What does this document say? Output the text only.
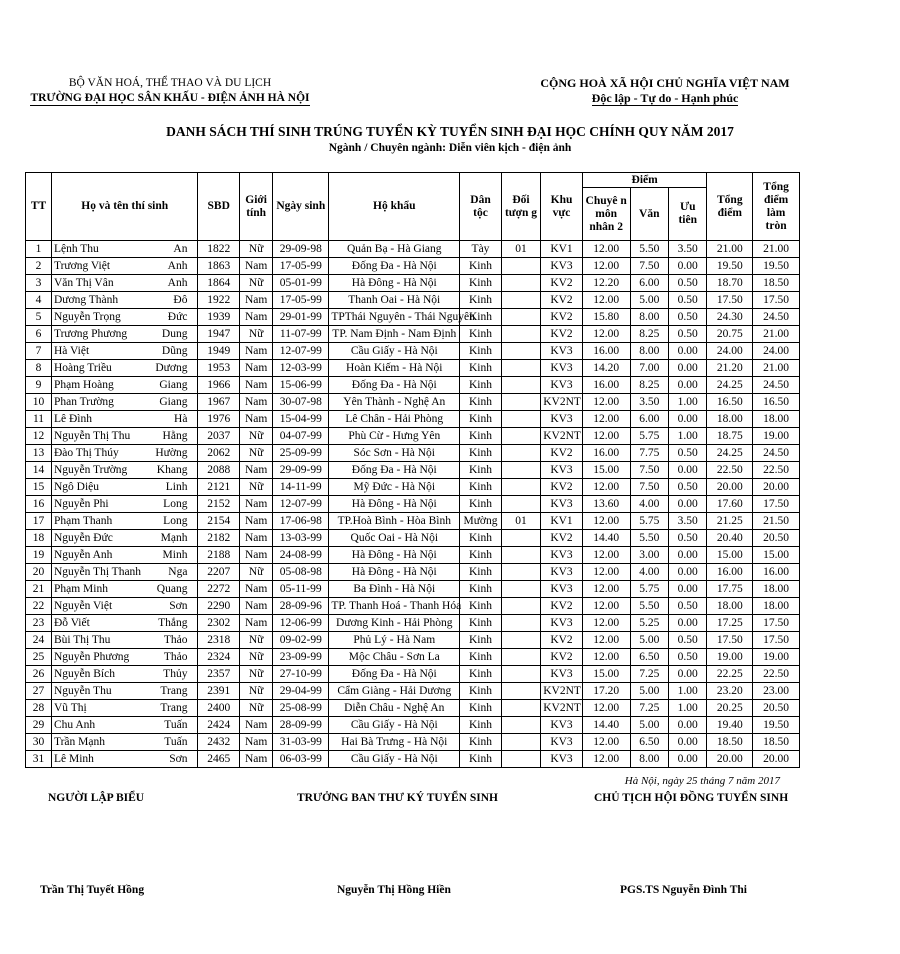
BỘ VĂN HOÁ, THỂ THAO VÀ DU LỊCH
TRƯỜNG ĐẠI HỌC SÂN KHẤU - ĐIỆN ẢNH HÀ NỘI
CỘNG HOÀ XÃ HỘI CHỦ NGHĨA VIỆT NAM
Độc lập - Tự do - Hạnh phúc
DANH SÁCH THÍ SINH TRÚNG TUYỂN KỲ TUYỂN SINH ĐẠI HỌC CHÍNH QUY NĂM 2017
Ngành / Chuyên ngành: Diễn viên kịch - điện ảnh
TT	Họ và tên thí sinh	SBD	Giới tính	Ngày sinh	Hộ khẩu	Dân tộc	Đối tượn g	Khu vực	Điểm			Tổng điểm	Tổng điểm làm tròn
									Chuyê n môn nhân 2	Văn	Ưu tiên		
1	Lệnh Thu An	1822	Nữ	29-09-98	Quản Bạ - Hà Giang	Tày	01	KV1	12.00	5.50	3.50	21.00	21.00
2	Trương Việt Anh	1863	Nam	17-05-99	Đống Đa - Hà Nội	Kinh		KV3	12.00	7.50	0.00	19.50	19.50
3	Văn Thị Vân Anh	1864	Nữ	05-01-99	Hà Đông - Hà Nội	Kinh		KV2	12.20	6.00	0.50	18.70	18.50
4	Dương Thành Đô	1922	Nam	17-05-99	Thanh Oai - Hà Nội	Kinh		KV2	12.00	5.00	0.50	17.50	17.50
5	Nguyễn Trọng Đức	1939	Nam	29-01-99	TPThái Nguyên - Thái Nguyên	Kinh		KV2	15.80	8.00	0.50	24.30	24.50
6	Trương Phương Dung	1947	Nữ	11-07-99	TP. Nam Định - Nam Định	Kinh		KV2	12.00	8.25	0.50	20.75	21.00
7	Hà Việt Dũng	1949	Nam	12-07-99	Cầu Giấy - Hà Nội	Kinh		KV3	16.00	8.00	0.00	24.00	24.00
8	Hoàng Triều Dương	1953	Nam	12-03-99	Hoàn Kiếm - Hà Nội	Kinh		KV3	14.20	7.00	0.00	21.20	21.00
9	Phạm Hoàng Giang	1966	Nam	15-06-99	Đống Đa - Hà Nội	Kinh		KV3	16.00	8.25	0.00	24.25	24.50
10	Phan Trường Giang	1967	Nam	30-07-98	Yên Thành - Nghệ An	Kinh		KV2NT	12.00	3.50	1.00	16.50	16.50
11	Lê Đình Hà	1976	Nam	15-04-99	Lê Chân - Hải Phòng	Kinh		KV3	12.00	6.00	0.00	18.00	18.00
12	Nguyễn Thị Thu Hằng	2037	Nữ	04-07-99	Phù Cừ - Hưng Yên	Kinh		KV2NT	12.00	5.75	1.00	18.75	19.00
13	Đào Thị Thúy Hường	2062	Nữ	25-09-99	Sóc Sơn - Hà Nội	Kinh		KV2	16.00	7.75	0.50	24.25	24.50
14	Nguyễn Trường Khang	2088	Nam	29-09-99	Đống Đa - Hà Nội	Kinh		KV3	15.00	7.50	0.00	22.50	22.50
15	Ngô Diệu Linh	2121	Nữ	14-11-99	Mỹ Đức - Hà Nội	Kinh		KV2	12.00	7.50	0.50	20.00	20.00
16	Nguyễn Phi Long	2152	Nam	12-07-99	Hà Đông - Hà Nội	Kinh		KV3	13.60	4.00	0.00	17.60	17.50
17	Phạm Thanh Long	2154	Nam	17-06-98	TP.Hoà Bình - Hòa Bình	Mường	01	KV1	12.00	5.75	3.50	21.25	21.50
18	Nguyễn Đức Mạnh	2182	Nam	13-03-99	Quốc Oai - Hà Nội	Kinh		KV2	14.40	5.50	0.50	20.40	20.50
19	Nguyễn Anh Minh	2188	Nam	24-08-99	Hà Đông - Hà Nội	Kinh		KV3	12.00	3.00	0.00	15.00	15.00
20	Nguyễn Thị Thanh Nga	2207	Nữ	05-08-98	Hà Đông - Hà Nội	Kinh		KV3	12.00	4.00	0.00	16.00	16.00
21	Phạm Minh Quang	2272	Nam	05-11-99	Ba Đình - Hà Nội	Kinh		KV3	12.00	5.75	0.00	17.75	18.00
22	Nguyễn Việt Sơn	2290	Nam	28-09-96	TP. Thanh Hoá - Thanh Hóa	Kinh		KV2	12.00	5.50	0.50	18.00	18.00
23	Đỗ Viết Thắng	2302	Nam	12-06-99	Dương Kinh - Hải Phòng	Kinh		KV3	12.00	5.25	0.00	17.25	17.50
24	Bùi Thị Thu Thảo	2318	Nữ	09-02-99	Phủ Lý - Hà Nam	Kinh		KV2	12.00	5.00	0.50	17.50	17.50
25	Nguyễn Phương Thảo	2324	Nữ	23-09-99	Mộc Châu - Sơn La	Kinh		KV2	12.00	6.50	0.50	19.00	19.00
26	Nguyễn Bích Thủy	2357	Nữ	27-10-99	Đống Đa - Hà Nội	Kinh		KV3	15.00	7.25	0.00	22.25	22.50
27	Nguyễn Thu Trang	2391	Nữ	29-04-99	Cẩm Giàng - Hải Dương	Kinh		KV2NT	17.20	5.00	1.00	23.20	23.00
28	Vũ Thị Trang	2400	Nữ	25-08-99	Diễn Châu - Nghệ An	Kinh		KV2NT	12.00	7.25	1.00	20.25	20.50
29	Chu Anh Tuấn	2424	Nam	28-09-99	Cầu Giấy - Hà Nội	Kinh		KV3	14.40	5.00	0.00	19.40	19.50
30	Trần Mạnh Tuấn	2432	Nam	31-03-99	Hai Bà Trưng - Hà Nội	Kinh		KV3	12.00	6.50	0.00	18.50	18.50
31	Lê Minh Sơn	2465	Nam	06-03-99	Cầu Giấy - Hà Nội	Kinh		KV3	12.00	8.00	0.00	20.00	20.00
Hà Nội, ngày 25 tháng 7 năm 2017
NGƯỜI LẬP BIỂU	TRƯỞNG BAN THƯ KÝ TUYỂN SINH	CHỦ TỊCH HỘI ĐỒNG TUYỂN SINH
Trần Thị Tuyết Hồng	Nguyễn Thị Hồng Hiền	PGS.TS Nguyễn Đình Thi
